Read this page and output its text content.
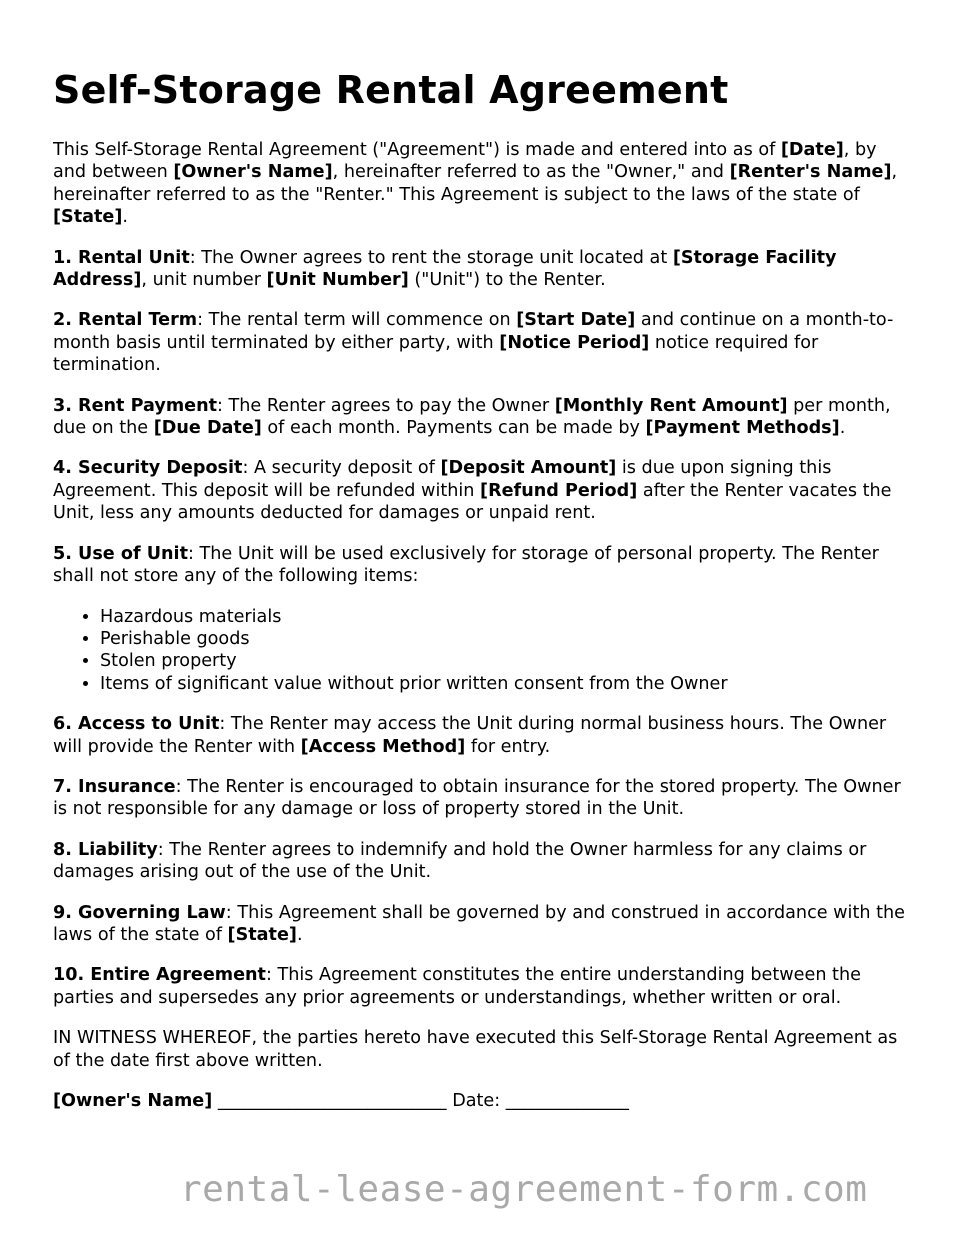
Self-Storage Rental Agreement

This Self-Storage Rental Agreement ("Agreement") is made and entered into as of [Date], by and between [Owner's Name], hereinafter referred to as the "Owner," and [Renter's Name], hereinafter referred to as the "Renter." This Agreement is subject to the laws of the state of [State].

1. Rental Unit: The Owner agrees to rent the storage unit located at [Storage Facility Address], unit number [Unit Number] ("Unit") to the Renter.

2. Rental Term: The rental term will commence on [Start Date] and continue on a month-to-month basis until terminated by either party, with [Notice Period] notice required for termination.

3. Rent Payment: The Renter agrees to pay the Owner [Monthly Rent Amount] per month, due on the [Due Date] of each month. Payments can be made by [Payment Methods].

4. Security Deposit: A security deposit of [Deposit Amount] is due upon signing this Agreement. This deposit will be refunded within [Refund Period] after the Renter vacates the Unit, less any amounts deducted for damages or unpaid rent.

5. Use of Unit: The Unit will be used exclusively for storage of personal property. The Renter shall not store any of the following items:

• Hazardous materials
• Perishable goods
• Stolen property
• Items of significant value without prior written consent from the Owner

6. Access to Unit: The Renter may access the Unit during normal business hours. The Owner will provide the Renter with [Access Method] for entry.

7. Insurance: The Renter is encouraged to obtain insurance for the stored property. The Owner is not responsible for any damage or loss of property stored in the Unit.

8. Liability: The Renter agrees to indemnify and hold the Owner harmless for any claims or damages arising out of the use of the Unit.

9. Governing Law: This Agreement shall be governed by and construed in accordance with the laws of the state of [State].

10. Entire Agreement: This Agreement constitutes the entire understanding between the parties and supersedes any prior agreements or understandings, whether written or oral.

IN WITNESS WHEREOF, the parties hereto have executed this Self-Storage Rental Agreement as of the date first above written.

[Owner's Name] __________________________ Date: ______________
rental-lease-agreement-form.com
